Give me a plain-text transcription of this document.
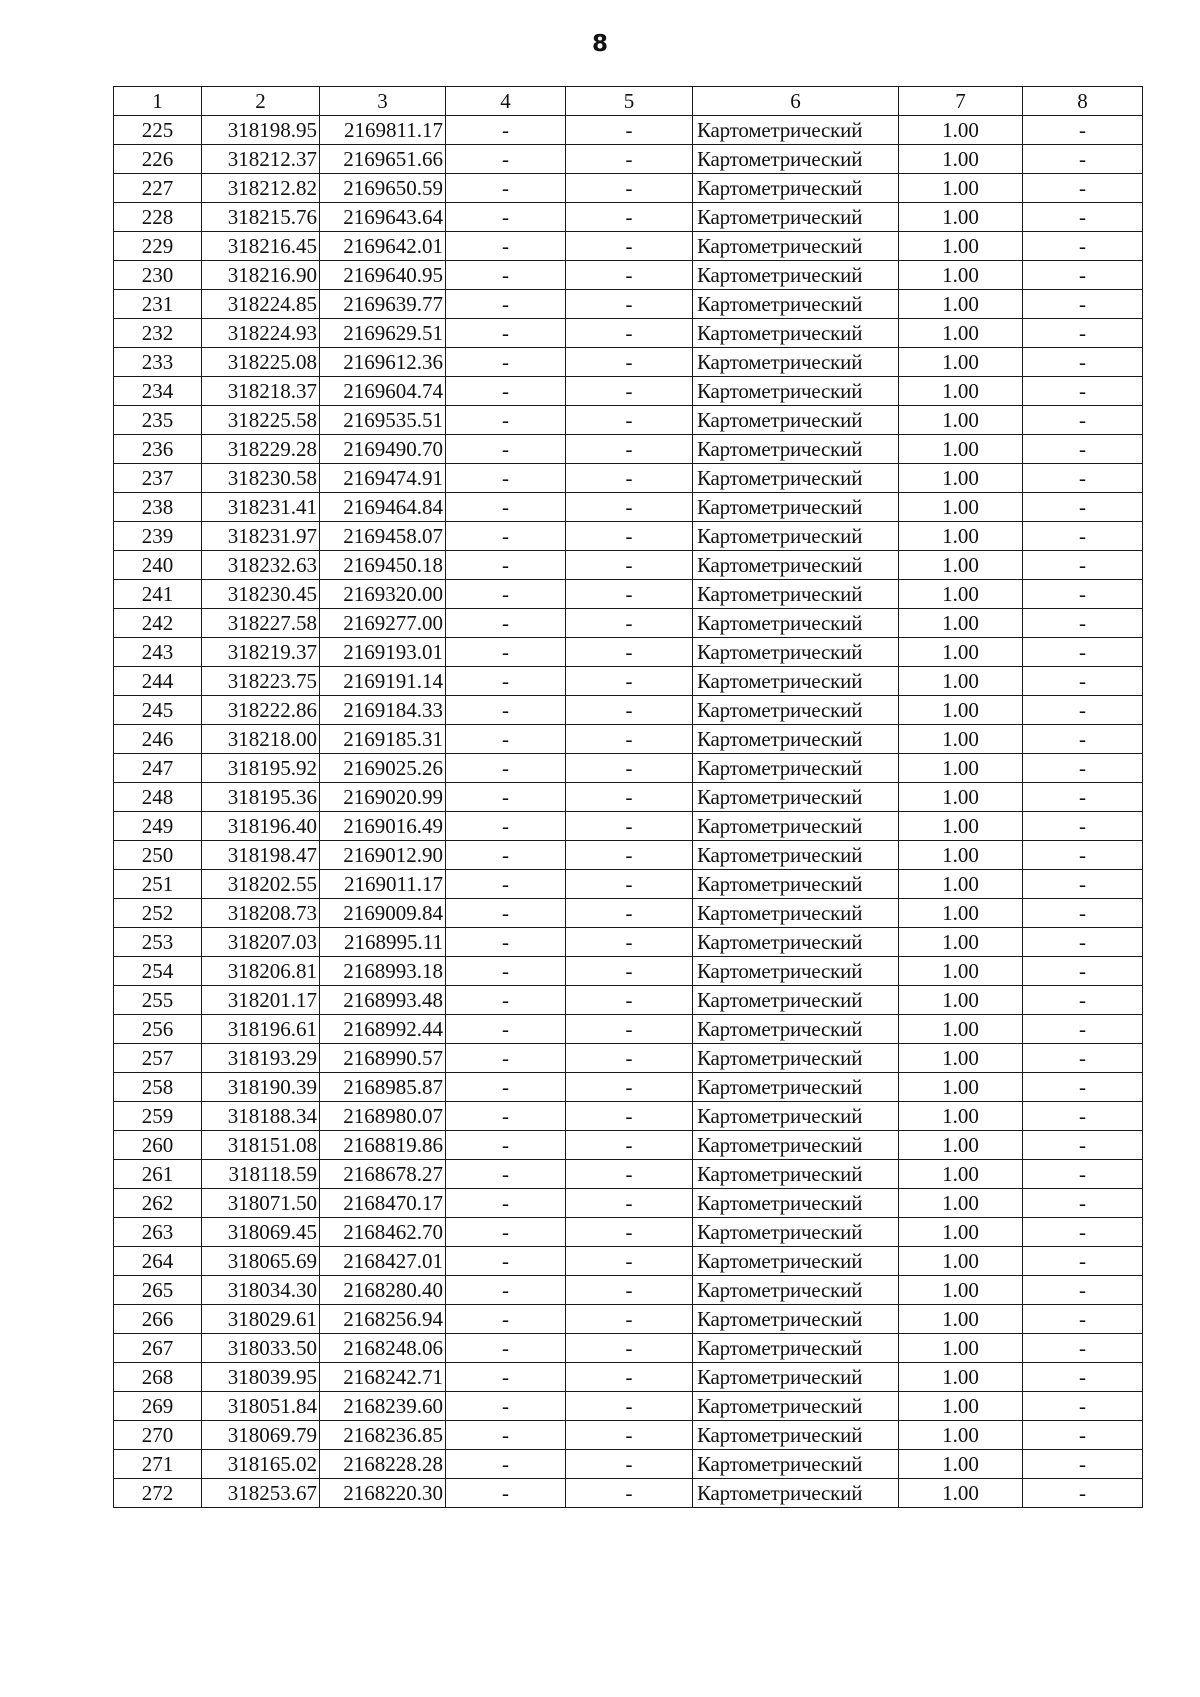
8
1	2	3	4	5	6	7	8
225	318198.95	2169811.17	-	-	Картометрический	1.00	-
226	318212.37	2169651.66	-	-	Картометрический	1.00	-
227	318212.82	2169650.59	-	-	Картометрический	1.00	-
228	318215.76	2169643.64	-	-	Картометрический	1.00	-
229	318216.45	2169642.01	-	-	Картометрический	1.00	-
230	318216.90	2169640.95	-	-	Картометрический	1.00	-
231	318224.85	2169639.77	-	-	Картометрический	1.00	-
232	318224.93	2169629.51	-	-	Картометрический	1.00	-
233	318225.08	2169612.36	-	-	Картометрический	1.00	-
234	318218.37	2169604.74	-	-	Картометрический	1.00	-
235	318225.58	2169535.51	-	-	Картометрический	1.00	-
236	318229.28	2169490.70	-	-	Картометрический	1.00	-
237	318230.58	2169474.91	-	-	Картометрический	1.00	-
238	318231.41	2169464.84	-	-	Картометрический	1.00	-
239	318231.97	2169458.07	-	-	Картометрический	1.00	-
240	318232.63	2169450.18	-	-	Картометрический	1.00	-
241	318230.45	2169320.00	-	-	Картометрический	1.00	-
242	318227.58	2169277.00	-	-	Картометрический	1.00	-
243	318219.37	2169193.01	-	-	Картометрический	1.00	-
244	318223.75	2169191.14	-	-	Картометрический	1.00	-
245	318222.86	2169184.33	-	-	Картометрический	1.00	-
246	318218.00	2169185.31	-	-	Картометрический	1.00	-
247	318195.92	2169025.26	-	-	Картометрический	1.00	-
248	318195.36	2169020.99	-	-	Картометрический	1.00	-
249	318196.40	2169016.49	-	-	Картометрический	1.00	-
250	318198.47	2169012.90	-	-	Картометрический	1.00	-
251	318202.55	2169011.17	-	-	Картометрический	1.00	-
252	318208.73	2169009.84	-	-	Картометрический	1.00	-
253	318207.03	2168995.11	-	-	Картометрический	1.00	-
254	318206.81	2168993.18	-	-	Картометрический	1.00	-
255	318201.17	2168993.48	-	-	Картометрический	1.00	-
256	318196.61	2168992.44	-	-	Картометрический	1.00	-
257	318193.29	2168990.57	-	-	Картометрический	1.00	-
258	318190.39	2168985.87	-	-	Картометрический	1.00	-
259	318188.34	2168980.07	-	-	Картометрический	1.00	-
260	318151.08	2168819.86	-	-	Картометрический	1.00	-
261	318118.59	2168678.27	-	-	Картометрический	1.00	-
262	318071.50	2168470.17	-	-	Картометрический	1.00	-
263	318069.45	2168462.70	-	-	Картометрический	1.00	-
264	318065.69	2168427.01	-	-	Картометрический	1.00	-
265	318034.30	2168280.40	-	-	Картометрический	1.00	-
266	318029.61	2168256.94	-	-	Картометрический	1.00	-
267	318033.50	2168248.06	-	-	Картометрический	1.00	-
268	318039.95	2168242.71	-	-	Картометрический	1.00	-
269	318051.84	2168239.60	-	-	Картометрический	1.00	-
270	318069.79	2168236.85	-	-	Картометрический	1.00	-
271	318165.02	2168228.28	-	-	Картометрический	1.00	-
272	318253.67	2168220.30	-	-	Картометрический	1.00	-
